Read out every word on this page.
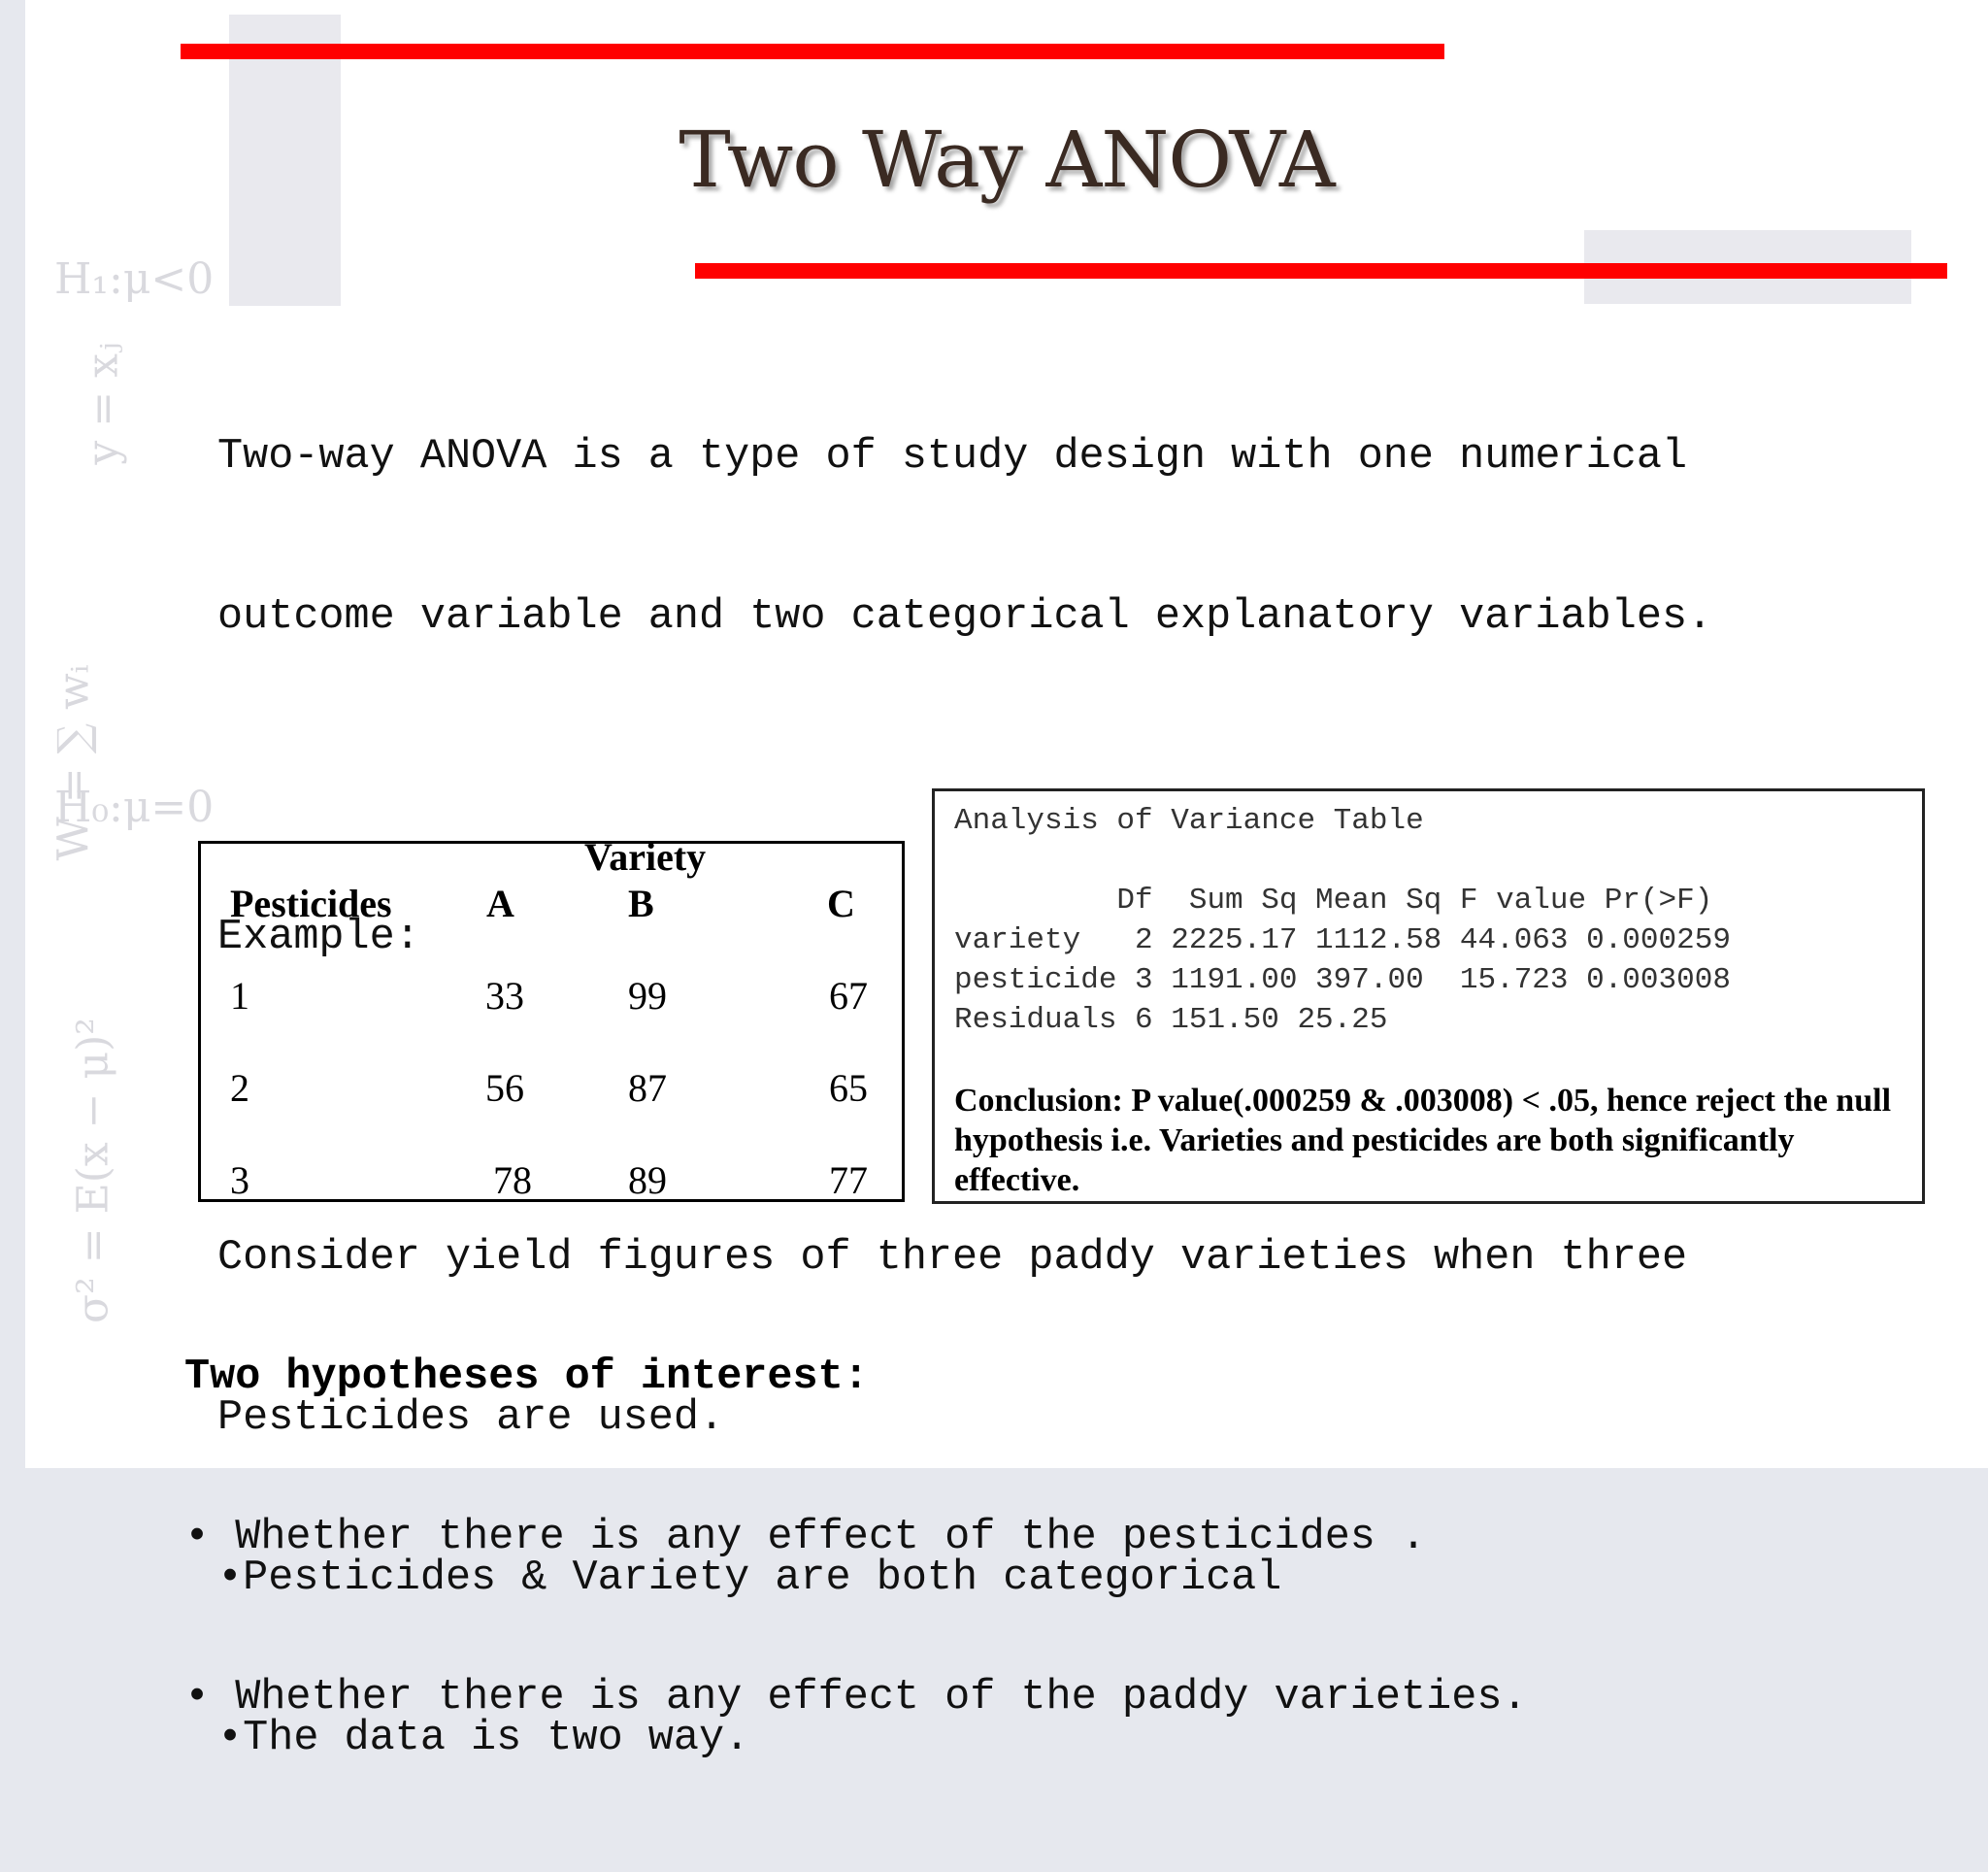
H₁:μ<0
H₀:μ=0
σ² = E(x − μ)²
W = ∑ wᵢ
y = xⱼ
Two Way ANOVA

Two-way ANOVA is a type of study design with one numerical

outcome variable and two categorical explanatory variables.

Example:

Consider yield figures of three paddy varieties when three

Pesticides are used.

•Pesticides & Variety are both categorical

•The data is two way.

Variety
Pesticides A	B	C
1	33	99	67
2	56	87	65
3	78 89	77
Analysis of Variance Table
Df  Sum Sq Mean Sq F value Pr(>F)
variety   2 2225.17 1112.58 44.063 0.000259
pesticide 3 1191.00 397.00  15.723 0.003008
Residuals 6 151.50 25.25
Conclusion: P value(.000259 & .003008) < .05, hence reject the null hypothesis i.e. Varieties and pesticides are both significantly effective.

Two hypotheses of interest:

• Whether there is any effect of the pesticides .

• Whether there is any effect of the paddy varieties.
